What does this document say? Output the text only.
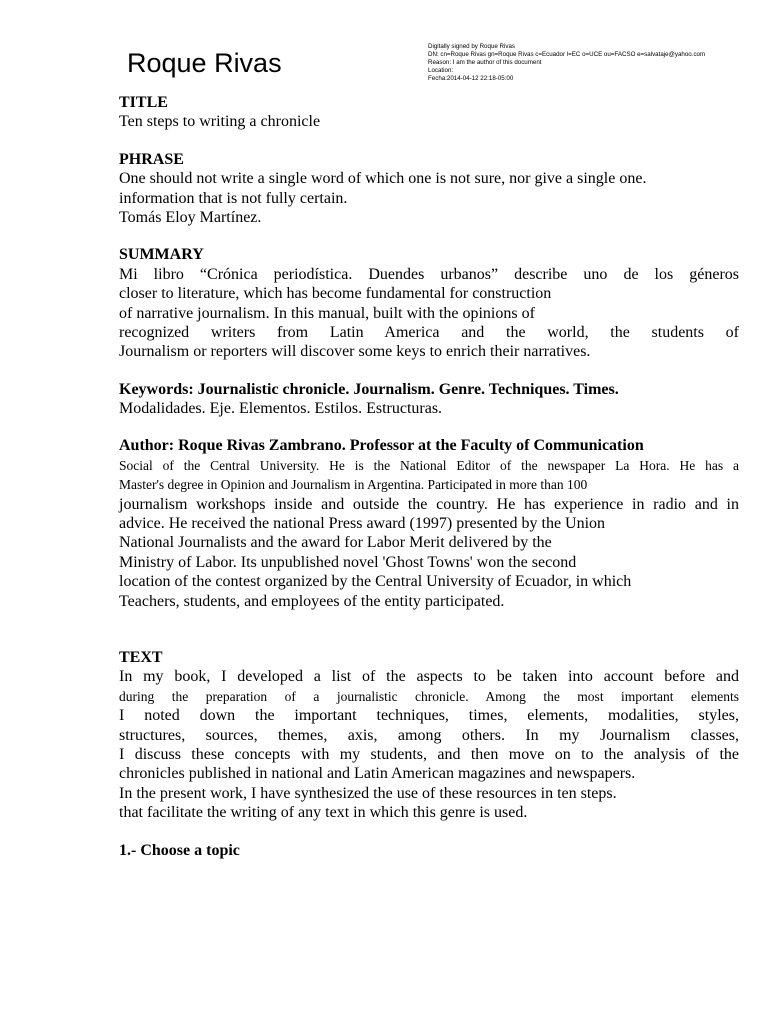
Roque Rivas
Digitally signed by Roque Rivas
DN: cn=Roque Rivas gn=Roque Rivas c=Ecuador l=EC o=UCE ou=FACSO e=salvataje@yahoo.com
Reason: I am the author of this document
Location:
Fecha:2014-04-12 22:18-05:00
TITLE
Ten steps to writing a chronicle
PHRASE
One should not write a single word of which one is not sure, nor give a single one.
information that is not fully certain.
Tomás Eloy Martínez.
SUMMARY
Mi libro “Crónica periodística. Duendes urbanos” describe uno de los géneros
closer to literature, which has become fundamental for construction
of narrative journalism. In this manual, built with the opinions of
recognized writers from Latin America and the world, the students of
Journalism or reporters will discover some keys to enrich their narratives.
Keywords: Journalistic chronicle. Journalism. Genre. Techniques. Times.
Modalidades. Eje. Elementos. Estilos. Estructuras.
Author: Roque Rivas Zambrano. Professor at the Faculty of Communication
Social of the Central University. He is the National Editor of the newspaper La Hora. He has a
Master's degree in Opinion and Journalism in Argentina. Participated in more than 100
journalism workshops inside and outside the country. He has experience in radio and in
advice. He received the national Press award (1997) presented by the Union
National Journalists and the award for Labor Merit delivered by the
Ministry of Labor. Its unpublished novel 'Ghost Towns' won the second
location of the contest organized by the Central University of Ecuador, in which
Teachers, students, and employees of the entity participated.
TEXT
In my book, I developed a list of the aspects to be taken into account before and
during the preparation of a journalistic chronicle. Among the most important elements
I noted down the important techniques, times, elements, modalities, styles,
structures, sources, themes, axis, among others. In my Journalism classes,
I discuss these concepts with my students, and then move on to the analysis of the
chronicles published in national and Latin American magazines and newspapers.
In the present work, I have synthesized the use of these resources in ten steps.
that facilitate the writing of any text in which this genre is used.
1.- Choose a topic
